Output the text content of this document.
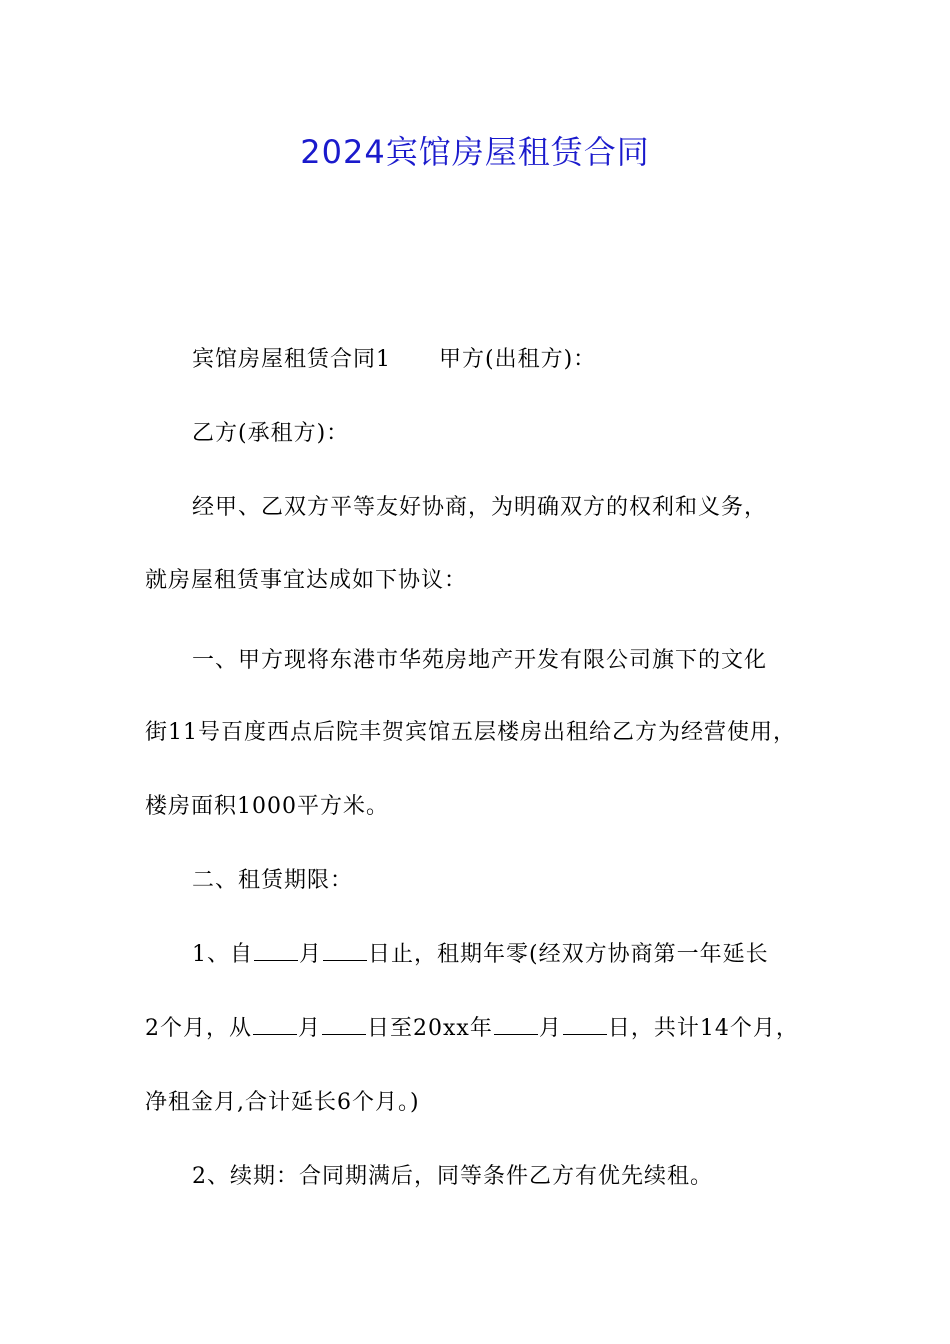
2024宾馆房屋租赁合同

宾馆房屋租赁合同1 甲方(出租方)：

乙方(承租方)：

经甲、乙双方平等友好协商，为明确双方的权利和义务，

就房屋租赁事宜达成如下协议：

一、甲方现将东港市华苑房地产开发有限公司旗下的文化

街11号百度西点后院丰贺宾馆五层楼房出租给乙方为经营使用，

楼房面积1000平方米。

二、租赁期限：

1、自 月 日止，租期年零(经双方协商第一年延长

2个月，从 月 日至20xx年 月 日，共计14个月，

净租金月,合计延长6个月。)

2、续期：合同期满后，同等条件乙方有优先续租。
